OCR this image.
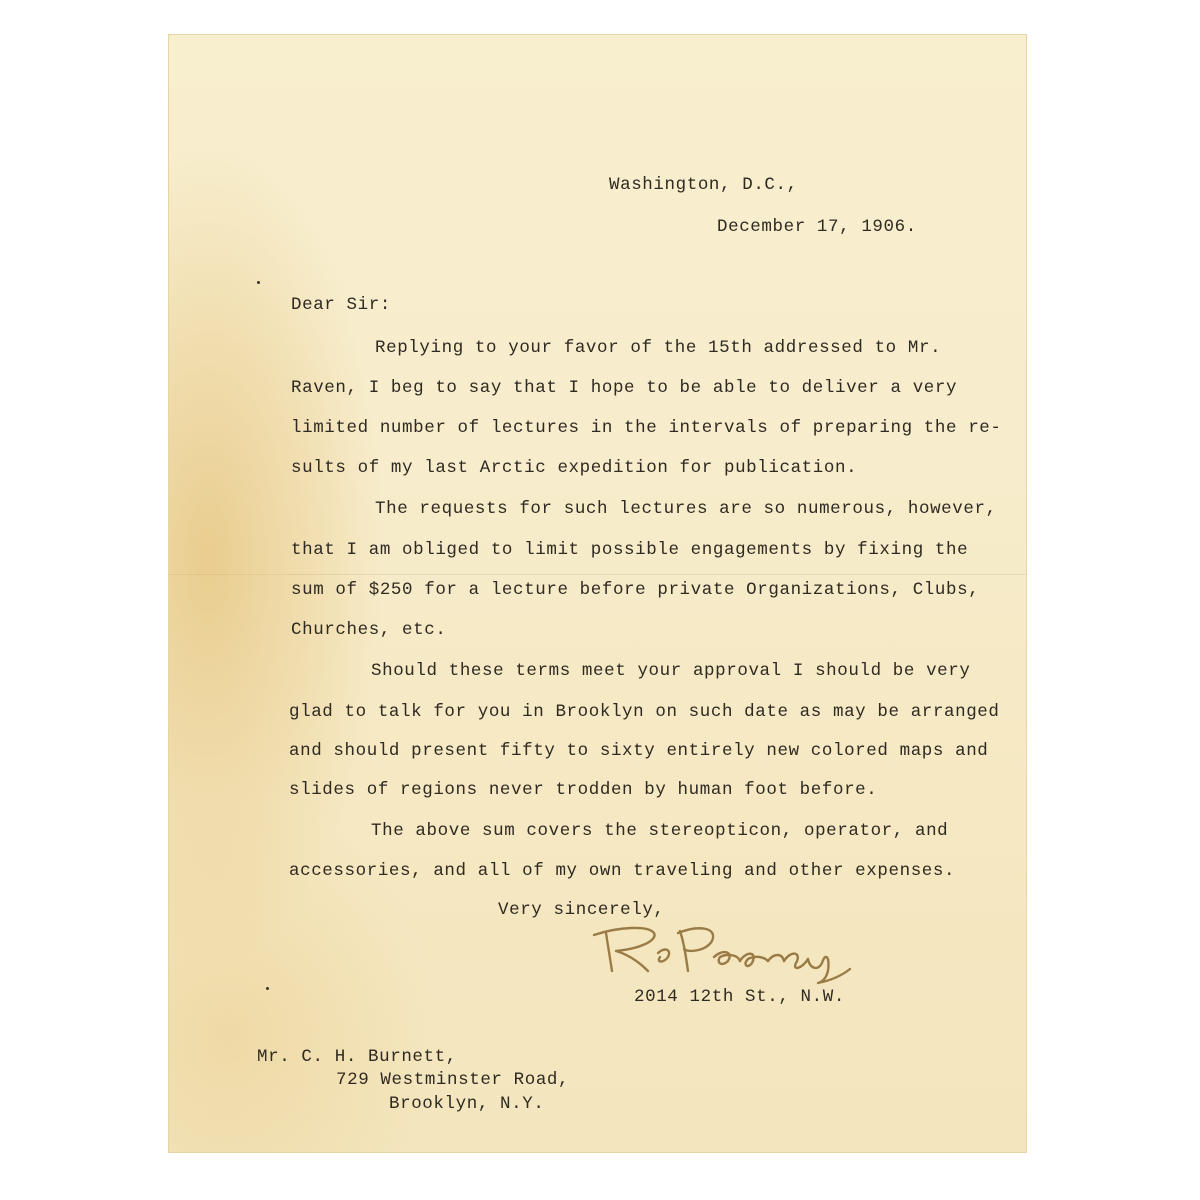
Washington, D.C.,

December 17, 1906.

Dear Sir:

Replying to your favor of the 15th addressed to Mr.

Raven, I beg to say that I hope to be able to deliver a very

limited number of lectures in the intervals of preparing the re-

sults of my last Arctic expedition for publication.

The requests for such lectures are so numerous, however,

that I am obliged to limit possible engagements by fixing the

sum of $250 for a lecture before private Organizations, Clubs,

Churches, etc.

Should these terms meet your approval I should be very

glad to talk for you in Brooklyn on such date as may be arranged

and should present fifty to sixty entirely new colored maps and

slides of regions never trodden by human foot before.

The above sum covers the stereopticon, operator, and

accessories, and all of my own traveling and other expenses.

Very sincerely,

2014 12th St., N.W.

Mr. C. H. Burnett,

729 Westminster Road,

Brooklyn, N.Y.
